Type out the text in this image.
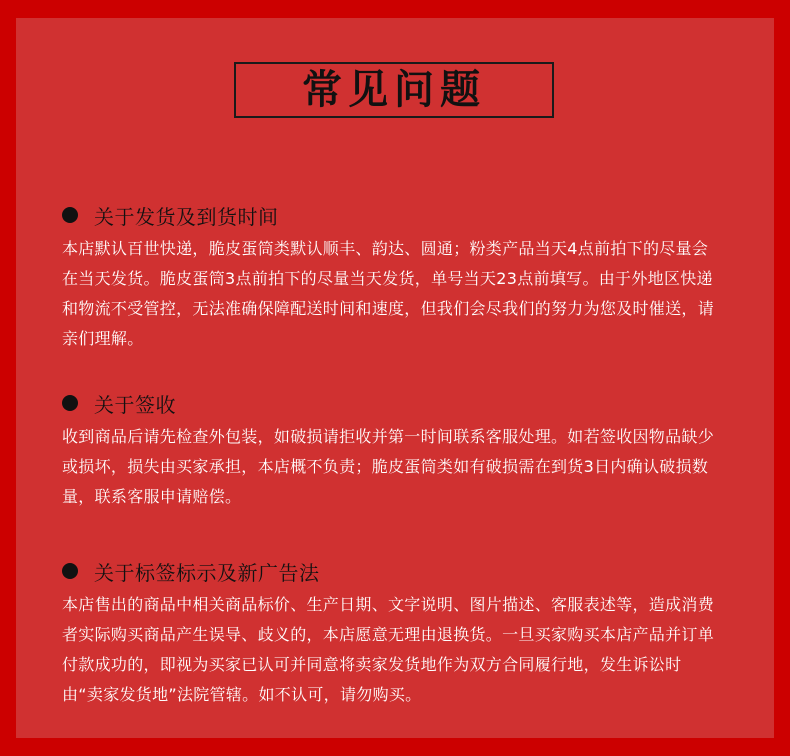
常见问题
关于发货及到货时间
本店默认百世快递，脆皮蛋筒类默认顺丰、韵达、圆通；粉类产品当天4点前拍下的尽量会在当天发货。脆皮蛋筒3点前拍下的尽量当天发货，单号当天23点前填写。由于外地区快递和物流不受管控，无法准确保障配送时间和速度，但我们会尽我们的努力为您及时催送，请亲们理解。
关于签收
收到商品后请先检查外包装，如破损请拒收并第一时间联系客服处理。如若签收因物品缺少或损坏，损失由买家承担，本店概不负责；脆皮蛋筒类如有破损需在到货3日内确认破损数量，联系客服申请赔偿。
关于标签标示及新广告法
本店售出的商品中相关商品标价、生产日期、文字说明、图片描述、客服表述等，造成消费者实际购买商品产生误导、歧义的，本店愿意无理由退换货。一旦买家购买本店产品并订单付款成功的，即视为买家已认可并同意将卖家发货地作为双方合同履行地，发生诉讼时由“卖家发货地”法院管辖。如不认可，请勿购买。
